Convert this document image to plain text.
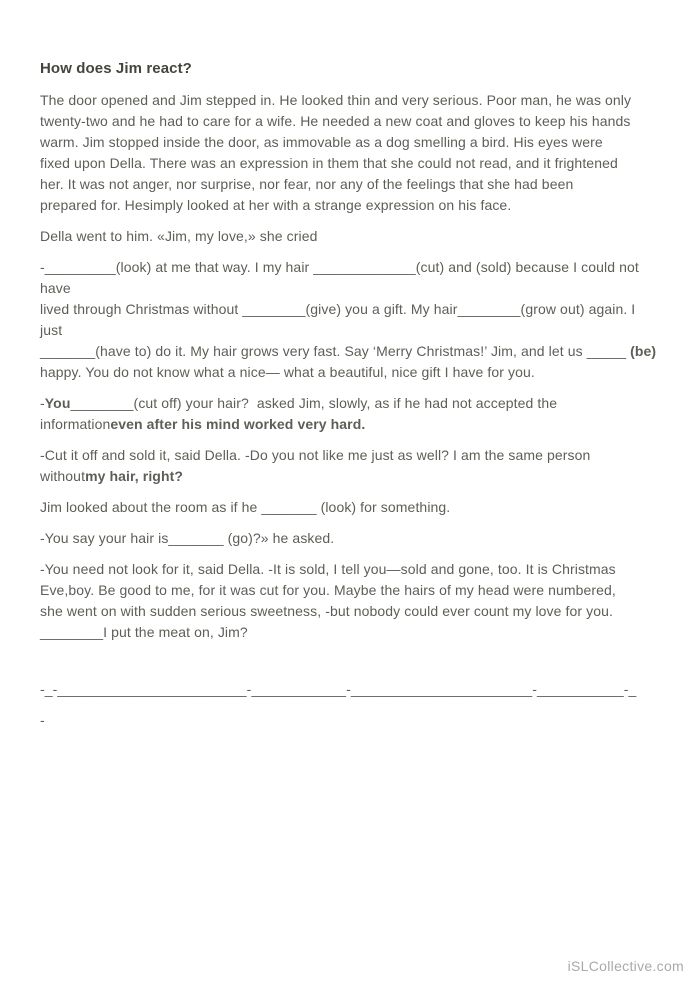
How does Jim react?

The door opened and Jim stepped in. He looked thin and very serious. Poor man, he was only
twenty-two and he had to care for a wife. He needed a new coat and gloves to keep his hands
warm. Jim stopped inside the door, as immovable as a dog smelling a bird. His eyes were
fixed upon Della. There was an expression in them that she could not read, and it frightened
her. It was not anger, nor surprise, nor fear, nor any of the feelings that she had been
prepared for. Hesimply looked at her with a strange expression on his face.

Della went to him. «Jim, my love,» she cried

-_________(look) at me that way. I my hair _____________(cut) and (sold) because I could not
have
lived through Christmas without ________(give) you a gift. My hair________(grow out) again. I
just
_______(have to) do it. My hair grows very fast. Say ‘Merry Christmas!’ Jim, and let us _____ (be)
happy. You do not know what a nice— what a beautiful, nice gift I have for you.

-You________(cut off) your hair?  asked Jim, slowly, as if he had not accepted the
informationeven after his mind worked very hard.

-Cut it off and sold it, said Della. -Do you not like me just as well? I am the same person
withoutmy hair, right?

Jim looked about the room as if he _______ (look) for something.

-You say your hair is_______ (go)?» he asked.

-You need not look for it, said Della. -It is sold, I tell you—sold and gone, too. It is Christmas
Eve,boy. Be good to me, for it was cut for you. Maybe the hairs of my head were numbered,
she went on with sudden serious sweetness, -but nobody could ever count my love for you.
________I put the meat on, Jim?

-_-________________________-____________-_______________________-___________-_

-

iSLCollective.com
